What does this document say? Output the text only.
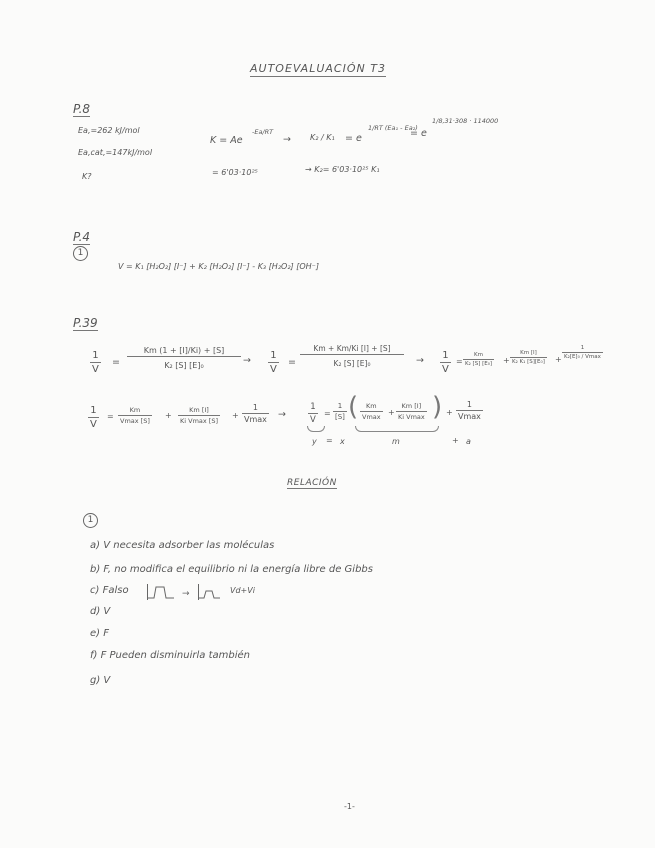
AUTOEVALUACIÓN T3
P.8
Ea,=262 kJ/mol
Ea,cat,=147kJ/mol
K?
K = Ae
-Ea/RT
→ K₂ / K₁ = e
1/RT (Ea₁ - Ea₂)
= e
1/8,31·308 · 114000
= 6'03·10²⁵	→ K₂= 6'03·10²⁵ K₁
P.4
1
V = K₁ [H₂O₂] [I⁻] + K₂ [H₂O₂] [I⁻] - K₃ [H₂O₂] [OH⁻]
P.39
$\frac{1}{V} = \frac{Km (1 + [I]/Ki) + [S]}{\text{K₂ [S] [E]₀}} \to \frac{1}{V} = \frac{Km + Km/Ki [I] + [S]}{\text{K₂ [S] [E]₀}} \to \frac{1}{V} = \frac{Km}{\text{K₂ [S] [E₀]}} + \frac{Km [I]}{\text{K₂ K₁ [S][E₀]}}$ +
1
K₂[E]₀ / Vmax
$\frac{1}{V}$ =
Km
Vmax [S]
+
Km [I]
Ki Vmax [S]
+
1
Vmax →	$\frac{1}{V} = \frac{1}{[S]}$ (	Km
Vmax +
Km [I]
Ki Vmax ) +
1
Vmax
y = x	m	+ a
RELACIÓN
1
a) V necesita adsorber las moléculas
b) F, no modifica el equilibrio ni la energía libre de Gibbs
c) Falso	→	Vd+Vi
d) V
e) F
f) F Pueden disminuirla también
g) V
-1-
